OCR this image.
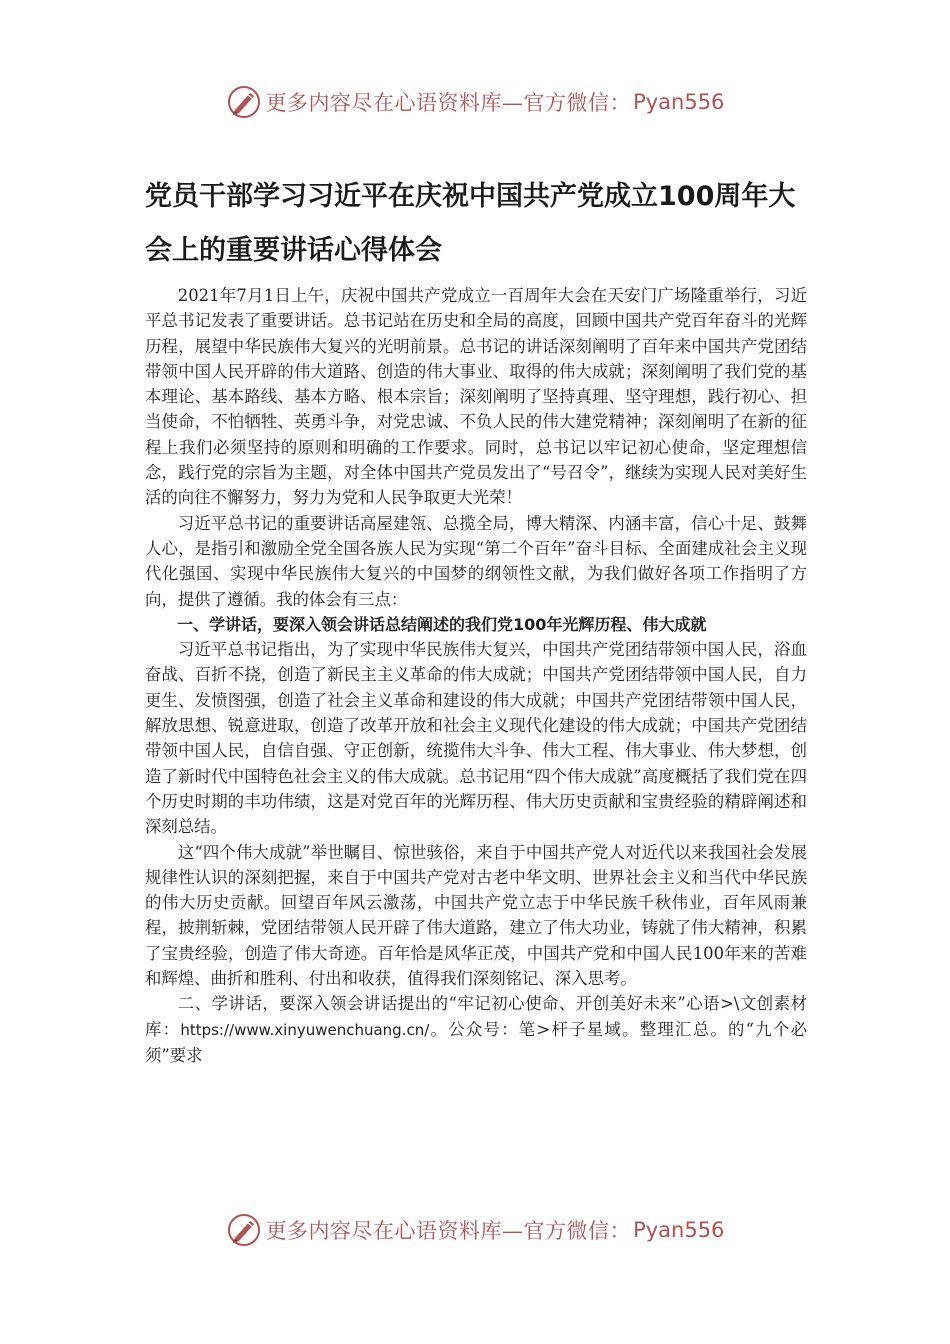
更多内容尽在心语资料库—官方微信： Pyan556
党员干部学习习近平在庆祝中国共产党成立100周年大会上的重要讲话心得体会

2021年7月1日上午，庆祝中国共产党成立一百周年大会在天安门广场隆重举行，习近平总书记发表了重要讲话。总书记站在历史和全局的高度，回顾中国共产党百年奋斗的光辉历程，展望中华民族伟大复兴的光明前景。总书记的讲话深刻阐明了百年来中国共产党团结带领中国人民开辟的伟大道路、创造的伟大事业、取得的伟大成就；深刻阐明了我们党的基本理论、基本路线、基本方略、根本宗旨；深刻阐明了坚持真理、坚守理想，践行初心、担当使命，不怕牺牲、英勇斗争，对党忠诚、不负人民的伟大建党精神；深刻阐明了在新的征程上我们必须坚持的原则和明确的工作要求。同时，总书记以牢记初心使命，坚定理想信念，践行党的宗旨为主题，对全体中国共产党员发出了“号召令”，继续为实现人民对美好生活的向往不懈努力，努力为党和人民争取更大光荣！

习近平总书记的重要讲话高屋建瓴、总揽全局，博大精深、内涵丰富，信心十足、鼓舞人心，是指引和激励全党全国各族人民为实现“第二个百年”奋斗目标、全面建成社会主义现代化强国、实现中华民族伟大复兴的中国梦的纲领性文献，为我们做好各项工作指明了方向，提供了遵循。我的体会有三点：

一、学讲话，要深入领会讲话总结阐述的我们党100年光辉历程、伟大成就

习近平总书记指出，为了实现中华民族伟大复兴，中国共产党团结带领中国人民，浴血奋战、百折不挠，创造了新民主主义革命的伟大成就；中国共产党团结带领中国人民，自力更生、发愤图强，创造了社会主义革命和建设的伟大成就；中国共产党团结带领中国人民，解放思想、锐意进取，创造了改革开放和社会主义现代化建设的伟大成就；中国共产党团结带领中国人民，自信自强、守正创新，统揽伟大斗争、伟大工程、伟大事业、伟大梦想，创造了新时代中国特色社会主义的伟大成就。总书记用“四个伟大成就”高度概括了我们党在四个历史时期的丰功伟绩，这是对党百年的光辉历程、伟大历史贡献和宝贵经验的精辟阐述和深刻总结。

这“四个伟大成就”举世瞩目、惊世骇俗，来自于中国共产党人对近代以来我国社会发展规律性认识的深刻把握，来自于中国共产党对古老中华文明、世界社会主义和当代中华民族的伟大历史贡献。回望百年风云激荡，中国共产党立志于中华民族千秋伟业，百年风雨兼程，披荆斩棘，党团结带领人民开辟了伟大道路，建立了伟大功业，铸就了伟大精神，积累了宝贵经验，创造了伟大奇迹。百年恰是风华正茂，中国共产党和中国人民100年来的苦难和辉煌、曲折和胜利、付出和收获，值得我们深刻铭记、深入思考。

二、学讲话，要深入领会讲话提出的“牢记初心使命、开创美好未来”心语>\文创素材库：https://www.xinyuwenchuang.cn/。公众号：笔>杆子星域。整理汇总。的“九个必须”要求

更多内容尽在心语资料库—官方微信： Pyan556
